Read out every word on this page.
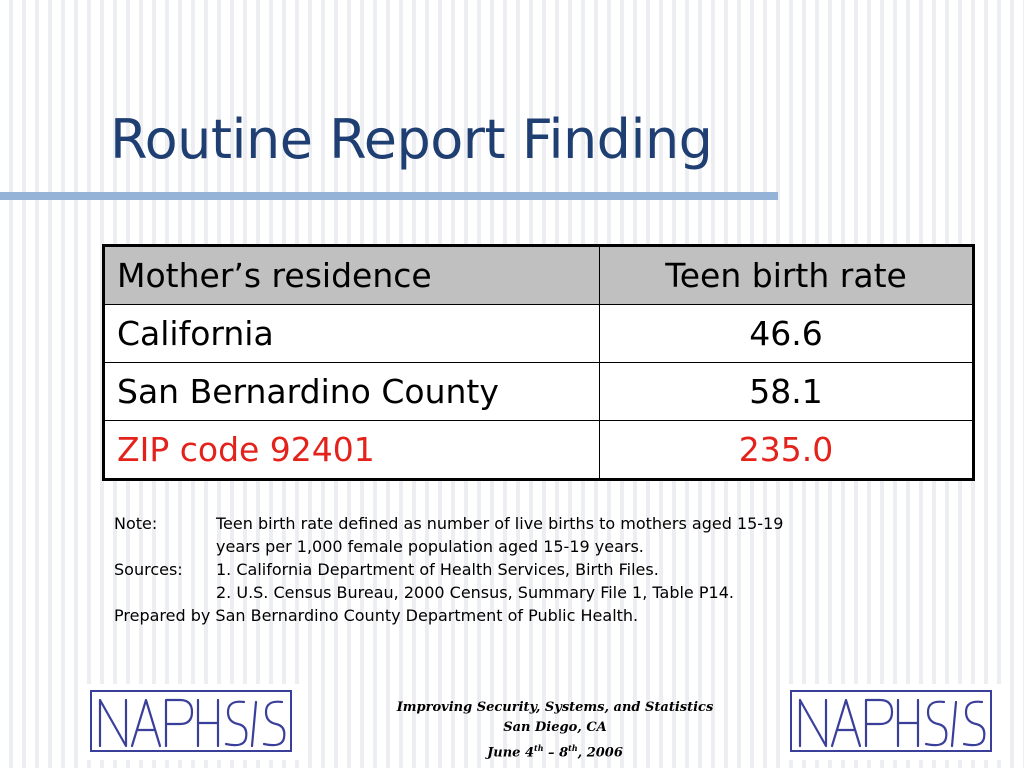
Routine Report Finding
Mother’s residence	Teen birth rate
California	46.6
San Bernardino County	58.1
ZIP code 92401	235.0
Note:	Teen birth rate defined as number of live births to mothers aged 15-19
years per 1,000 female population aged 15-19 years.
Sources: 1. California Department of Health Services, Birth Files.
2. U.S. Census Bureau, 2000 Census, Summary File 1, Table P14.
Prepared by San Bernardino County Department of Public Health.
Improving Security, Systems, and Statistics
San Diego, CA
June 4th – 8th, 2006
